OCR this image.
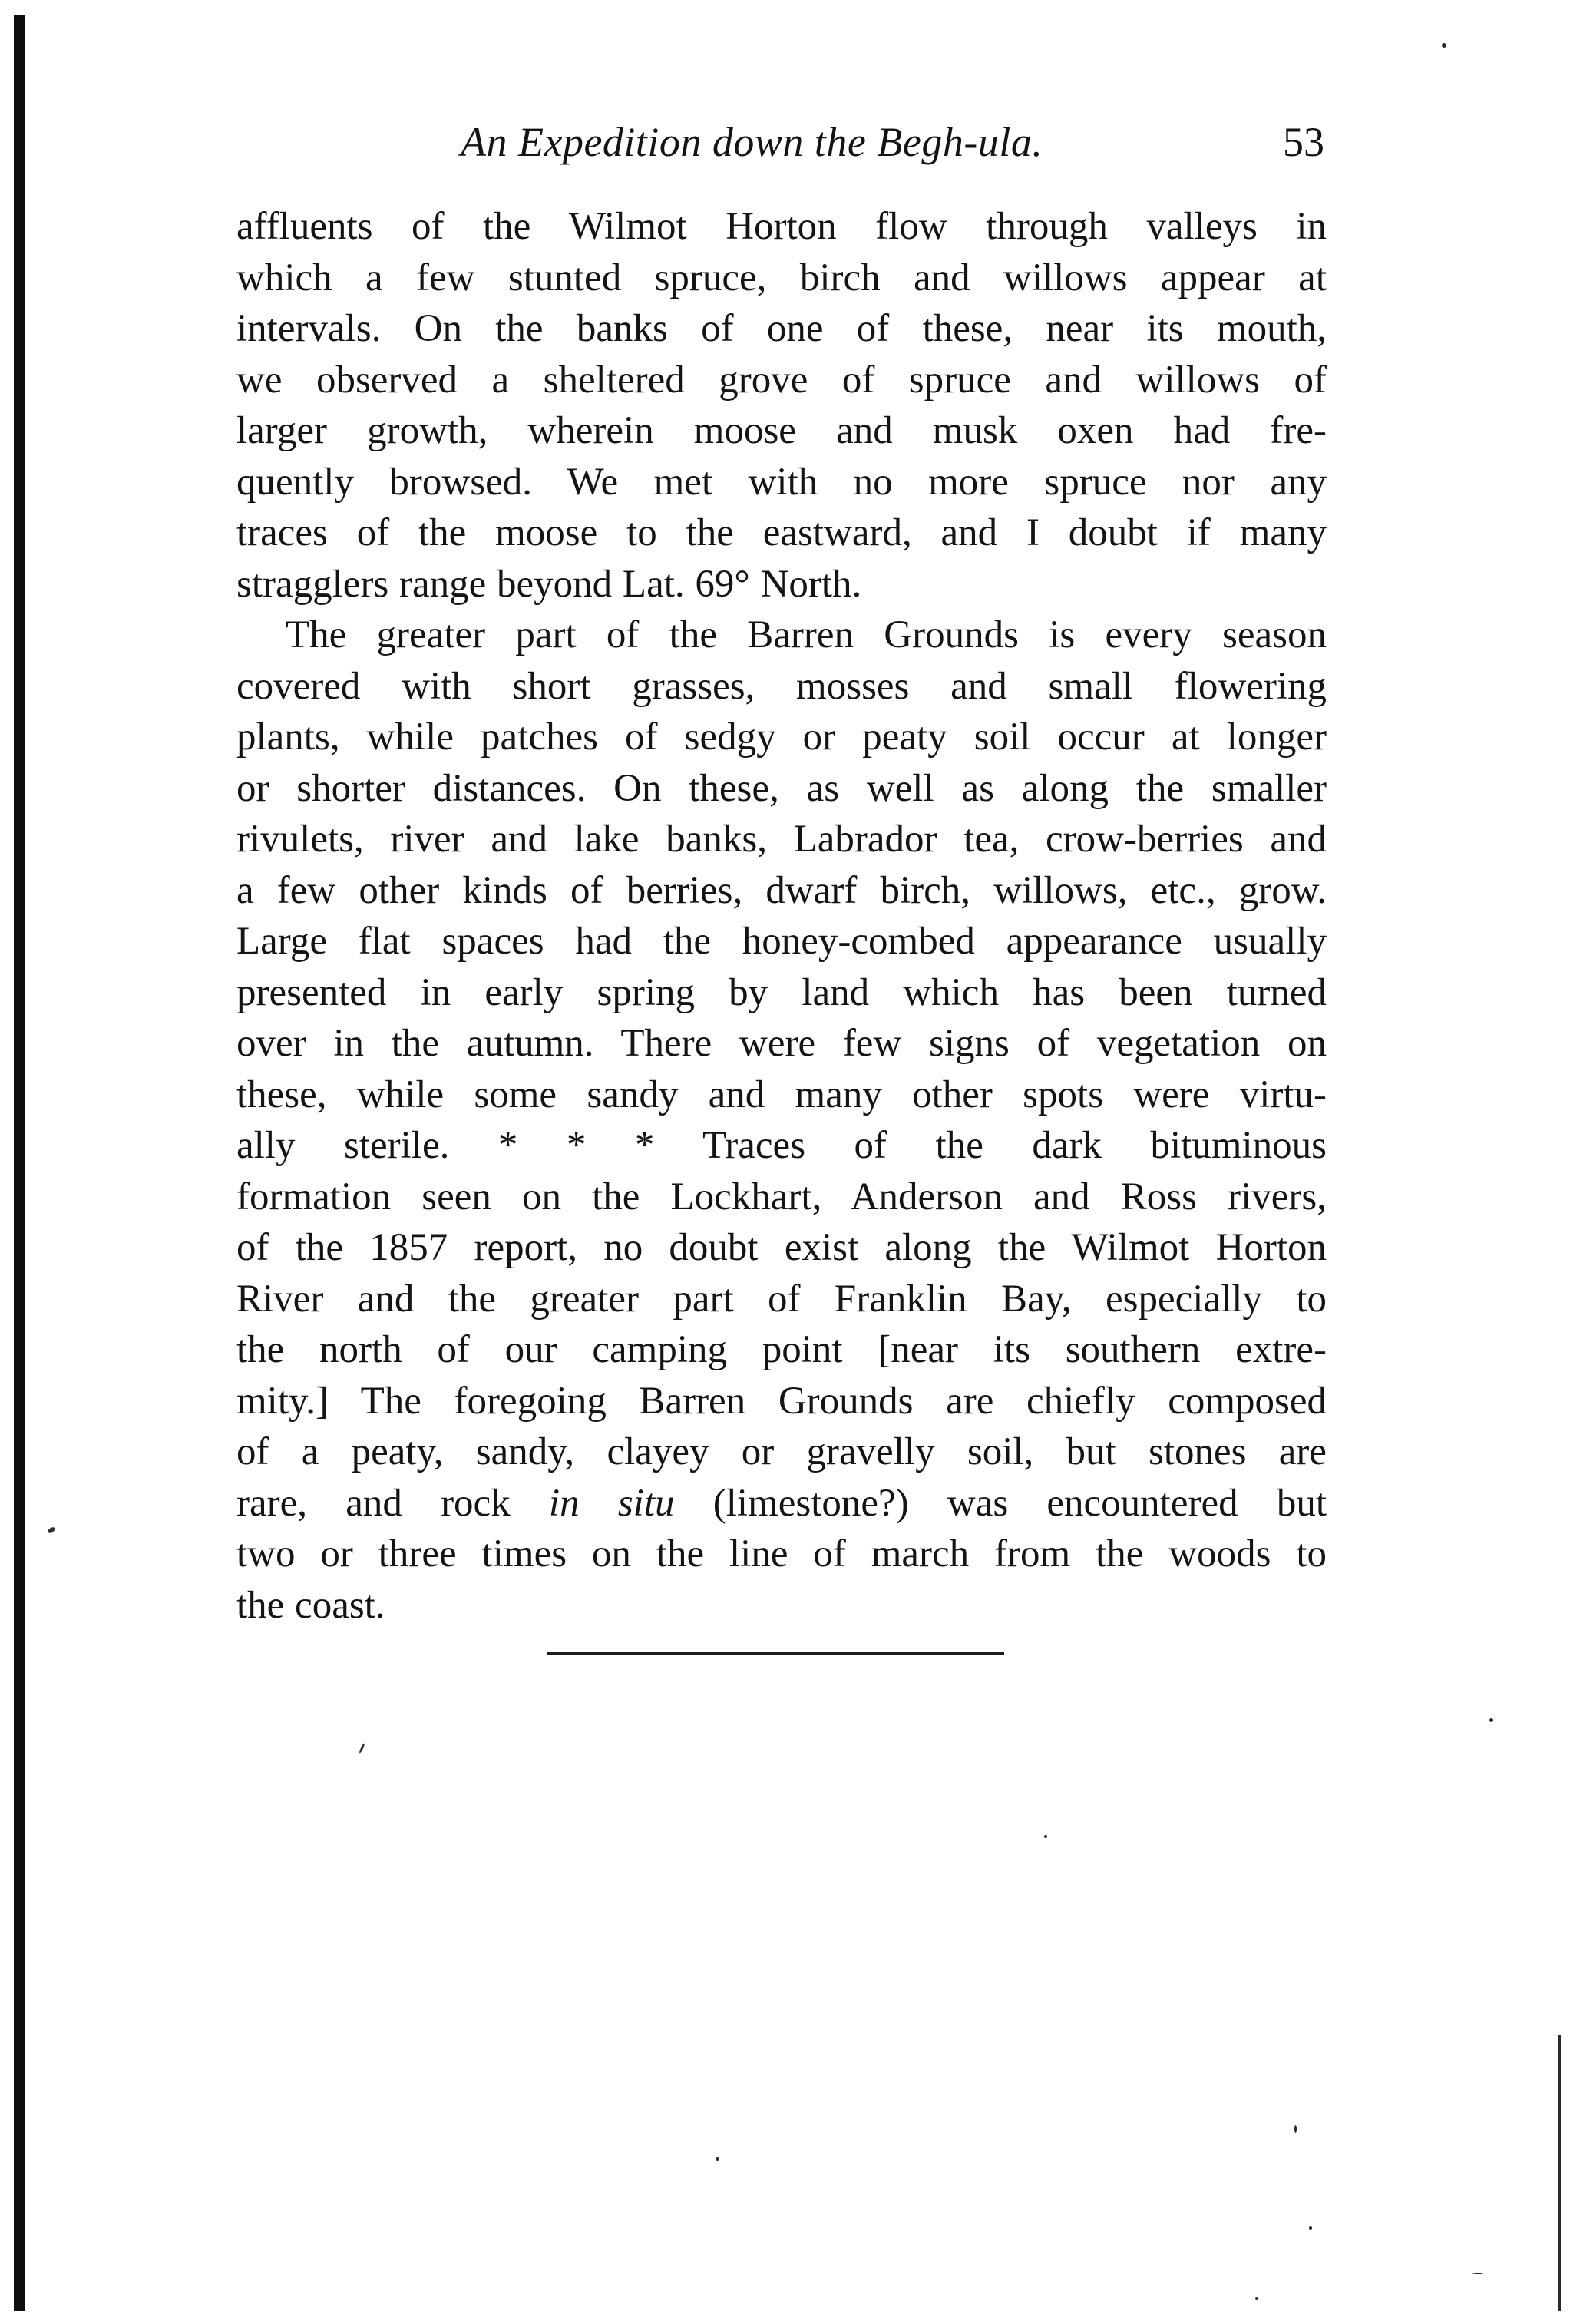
An Expedition down the Begh-ula.	53
affluents of the Wilmot Horton flow through valleys in
which a few stunted spruce, birch and willows appear at
intervals. On the banks of one of these, near its mouth,
we observed a sheltered grove of spruce and willows of
larger growth, wherein moose and musk oxen had fre-
quently browsed. We met with no more spruce nor any
traces of the moose to the eastward, and I doubt if many
stragglers range beyond Lat. 69° North.
The greater part of the Barren Grounds is every season
covered with short grasses, mosses and small flowering
plants, while patches of sedgy or peaty soil occur at longer
or shorter distances. On these, as well as along the smaller
rivulets, river and lake banks, Labrador tea, crow-berries and
a few other kinds of berries, dwarf birch, willows, etc., grow.
Large flat spaces had the honey-combed appearance usually
presented in early spring by land which has been turned
over in the autumn. There were few signs of vegetation on
these, while some sandy and many other spots were virtu-
ally sterile. * * * Traces of the dark bituminous
formation seen on the Lockhart, Anderson and Ross rivers,
of the 1857 report, no doubt exist along the Wilmot Horton
River and the greater part of Franklin Bay, especially to
the north of our camping point [near its southern extre-
mity.] The foregoing Barren Grounds are chiefly composed
of a peaty, sandy, clayey or gravelly soil, but stones are
rare, and rock in situ (limestone?) was encountered but
two or three times on the line of march from the woods to
the coast.
